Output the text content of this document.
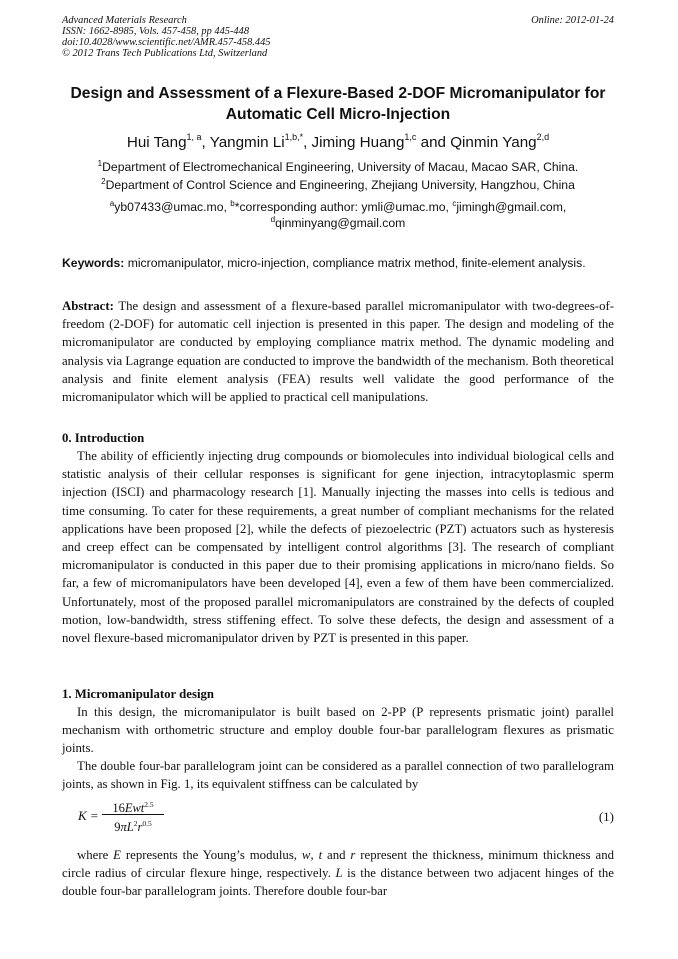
Advanced Materials Research
ISSN: 1662-8985, Vols. 457-458, pp 445-448
doi:10.4028/www.scientific.net/AMR.457-458.445
© 2012 Trans Tech Publications Ltd, Switzerland
Online: 2012-01-24
Design and Assessment of a Flexure-Based 2-DOF Micromanipulator for
Automatic Cell Micro-Injection
Hui Tang$^{1, a}$, Yangmin $Li^{1,b,*}$, Jiming Huang$^{1,c}$ and Qinmin Yang$^{2,d}$
$^1$Department of Electromechanical Engineering, University of Macau, Macao SAR, China.
$^2$Department of Control Science and Engineering, Zhejiang University, Hangzhou, China
$^a$yb07433@umac.mo, $^b$*corresponding author: ymli@umac.mo, $^c$jimingh@gmail.com,
$^d$qinminyang@gmail.com
Keywords: micromanipulator, micro-injection, compliance matrix method, finite-element analysis.
Abstract: The design and assessment of a flexure-based parallel micromanipulator with two-degrees-of-freedom (2-DOF) for automatic cell injection is presented in this paper. The design and modeling of the micromanipulator are conducted by employing compliance matrix method. The dynamic modeling and analysis via Lagrange equation are conducted to improve the bandwidth of the mechanism. Both theoretical analysis and finite element analysis (FEA) results well validate the good performance of the micromanipulator which will be applied to practical cell manipulations.
0. Introduction
The ability of efficiently injecting drug compounds or biomolecules into individual biological cells and statistic analysis of their cellular responses is significant for gene injection, intracytoplasmic sperm injection (ISCI) and pharmacology research [1]. Manually injecting the masses into cells is tedious and time consuming. To cater for these requirements, a great number of compliant mechanisms for the related applications have been proposed [2], while the defects of piezoelectric (PZT) actuators such as hysteresis and creep effect can be compensated by intelligent control algorithms [3]. The research of compliant micromanipulator is conducted in this paper due to their promising applications in micro/nano fields. So far, a few of micromanipulators have been developed [4], even a few of them have been commercialized. Unfortunately, most of the proposed parallel micromanipulators are constrained by the defects of coupled motion, low-bandwidth, stress stiffening effect. To solve these defects, the design and assessment of a novel flexure-based micromanipulator driven by PZT is presented in this paper.
1. Micromanipulator design
In this design, the micromanipulator is built based on 2-PP (P represents prismatic joint) parallel mechanism with orthometric structure and employ double four-bar parallelogram flexures as prismatic joints.
The double four-bar parallelogram joint can be considered as a parallel connection of two parallelogram joints, as shown in Fig. 1, its equivalent stiffness can be calculated by
K =	16Ewt$^{2.5}$
$9\pi L^2r^{0.5}$	(1)
where E represents the Young’s modulus, w, t and r represent the thickness, minimum thickness and circle radius of circular flexure hinge, respectively. L is the distance between two adjacent hinges of the double four-bar parallelogram joints. Therefore double four-bar
